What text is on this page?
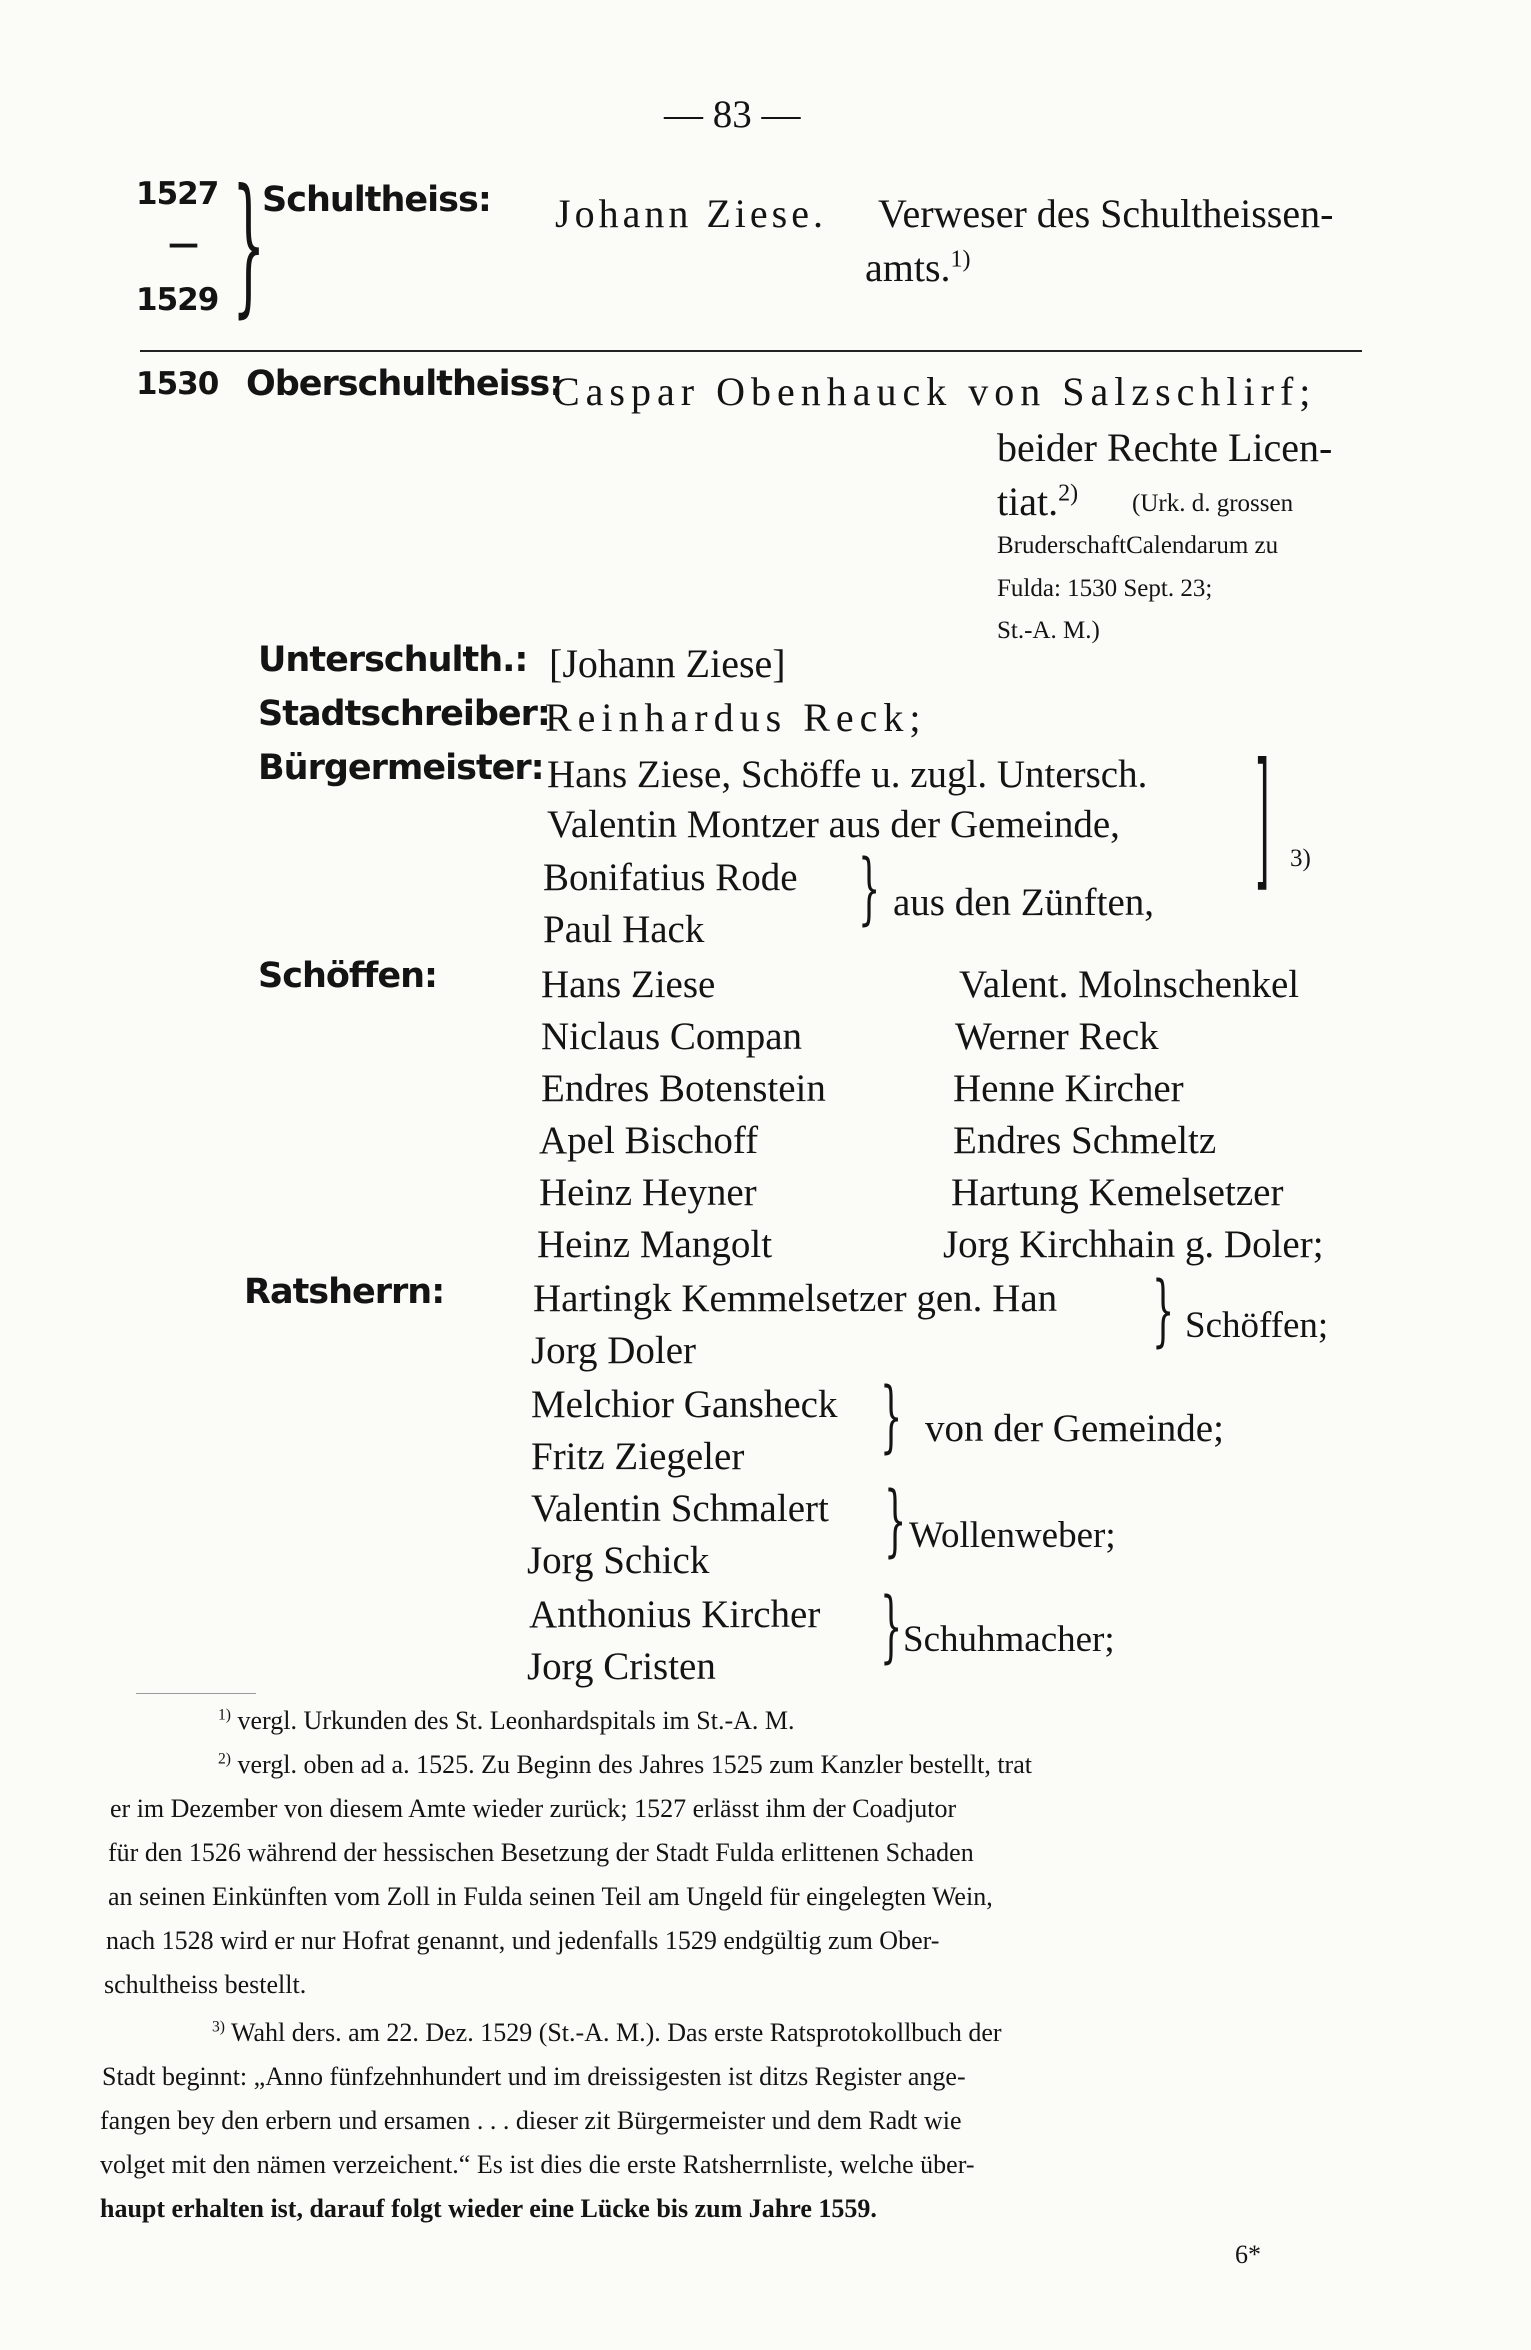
— 83 —
1527
—
1529 }
Schultheiss: Johann Ziese. Verweser des Schultheissen-
amts.$^{1)}$
1530 Oberschultheiss:
Caspar Obenhauck von Salzschlirf;
beider Rechte Licen-
tiat.$^{2)}$ (Urk. d. grossen
BruderschaftCalendarum zu
Fulda: 1530 Sept. 23;
St.-A. M.)
Unterschulth.: [Johann Ziese]
Stadtschreiber:
Reinhardus Reck;
Bürgermeister: Hans Ziese, Schöffe u. zugl. Untersch.
Valentin Montzer aus der Gemeinde,
Bonifatius Rode
Paul Hack } aus den Zünften, ] 3)
Schöffen:	Hans Ziese
Niclaus Compan
Endres Botenstein
Apel Bischoff
Heinz Heyner
Heinz Mangolt
Valent. Molnschenkel
Werner Reck
Henne Kircher
Endres Schmeltz
Hartung Kemelsetzer
Jorg Kirchhain g. Doler;
Ratsherrn: Hartingk Kemmelsetzer gen. Han
Jorg Doler	} Schöffen;
Melchior Gansheck
Fritz Ziegeler } von der Gemeinde;
Valentin Schmalert
Jorg Schick } Wollenweber;
Anthonius Kircher
Jorg Cristen } Schuhmacher;
$^{1)}$ vergl. Urkunden des St. Leonhardspitals im St.-A. M.
$^{2)}$ vergl. oben ad a. 1525. Zu Beginn des Jahres 1525 zum Kanzler bestellt, trat
er im Dezember von diesem Amte wieder zurück; 1527 erlässt ihm der Coadjutor
für den 1526 während der hessischen Besetzung der Stadt Fulda erlittenen Schaden
an seinen Einkünften vom Zoll in Fulda seinen Teil am Ungeld für eingelegten Wein,
nach 1528 wird er nur Hofrat genannt, und jedenfalls 1529 endgültig zum Ober-
schultheiss bestellt.
$^{3)}$ Wahl ders. am 22. Dez. 1529 (St.-A. M.). Das erste Ratsprotokollbuch der
Stadt beginnt: „Anno fünfzehnhundert und im dreissigesten ist ditzs Register ange-
fangen bey den erbern und ersamen . . . dieser zit Bürgermeister und dem Radt wie
volget mit den nämen verzeichent.“ Es ist dies die erste Ratsherrnliste, welche über-
haupt erhalten ist, darauf folgt wieder eine Lücke bis zum Jahre 1559.
6*
